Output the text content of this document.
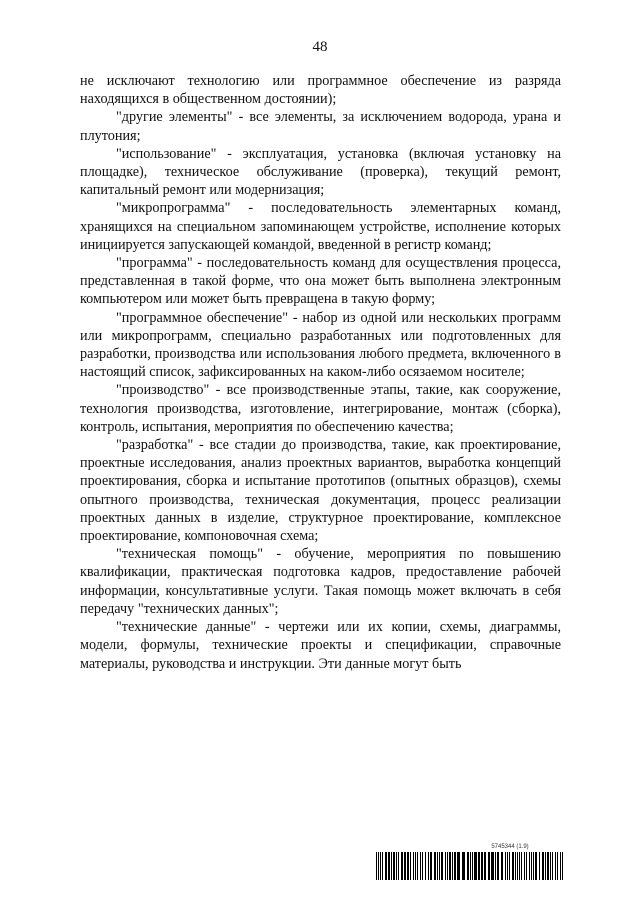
48

не исключают технологию или программное обеспечение из разряда находящихся в общественном достоянии);

"другие элементы" - все элементы, за исключением водорода, урана и плутония;

"использование" - эксплуатация, установка (включая установку на площадке), техническое обслуживание (проверка), текущий ремонт, капитальный ремонт или модернизация;

"микропрограмма" - последовательность элементарных команд, хранящихся на специальном запоминающем устройстве, исполнение которых инициируется запускающей командой, введенной в регистр команд;

"программа" - последовательность команд для осуществления процесса, представленная в такой форме, что она может быть выполнена электронным компьютером или может быть превращена в такую форму;

"программное обеспечение" - набор из одной или нескольких программ или микропрограмм, специально разработанных или подготовленных для разработки, производства или использования любого предмета, включенного в настоящий список, зафиксированных на каком-либо осязаемом носителе;

"производство" - все производственные этапы, такие, как сооружение, технология производства, изготовление, интегрирование, монтаж (сборка), контроль, испытания, мероприятия по обеспечению качества;

"разработка" - все стадии до производства, такие, как проектирование, проектные исследования, анализ проектных вариантов, выработка концепций проектирования, сборка и испытание прототипов (опытных образцов), схемы опытного производства, техническая документация, процесс реализации проектных данных в изделие, структурное проектирование, комплексное проектирование, компоновочная схема;

"техническая помощь" - обучение, мероприятия по повышению квалификации, практическая подготовка кадров, предоставление рабочей информации, консультативные услуги. Такая помощь может включать в себя передачу "технических данных";

"технические данные" - чертежи или их копии, схемы, диаграммы, модели, формулы, технические проекты и спецификации, справочные материалы, руководства и инструкции. Эти данные могут быть

5745344 (1.9)
